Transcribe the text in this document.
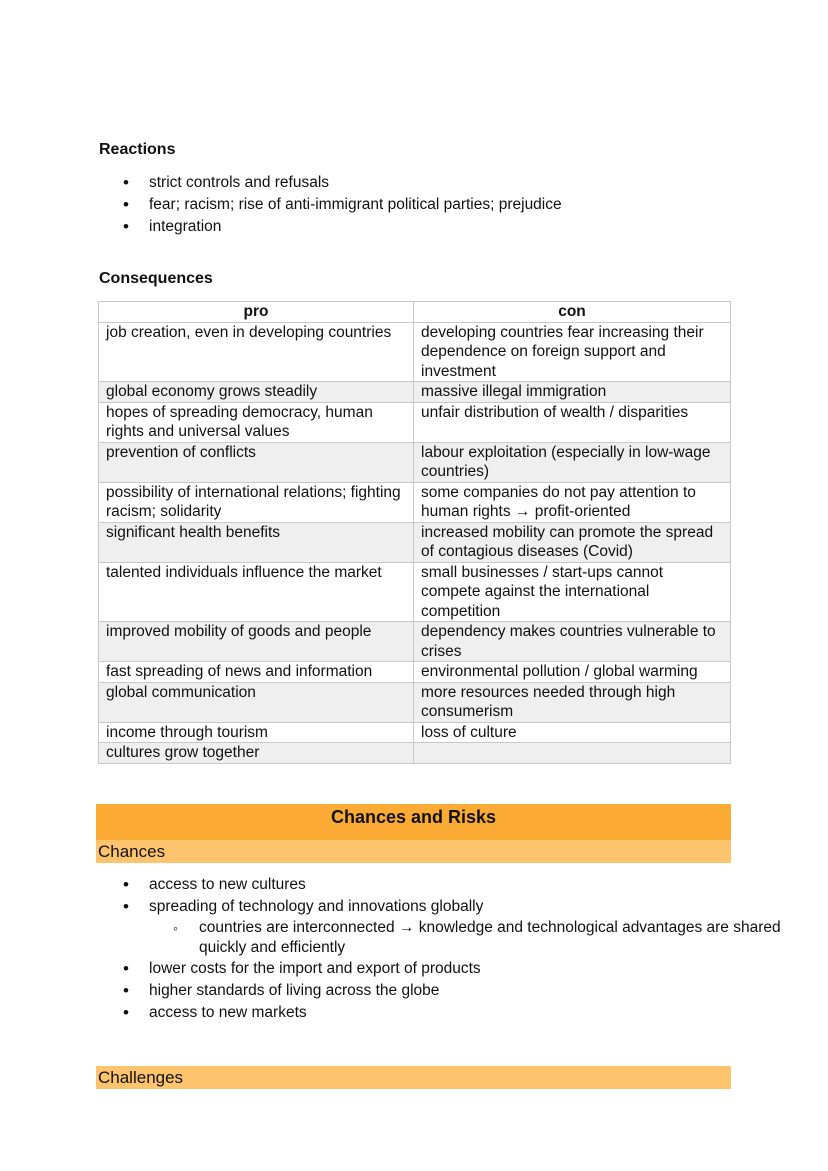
Reactions
• strict controls and refusals
• fear; racism; rise of anti-immigrant political parties; prejudice
• integration
Consequences
pro	con
job creation, even in developing countries	developing countries fear increasing their dependence on foreign support and investment
global economy grows steadily	massive illegal immigration
hopes of spreading democracy, human rights and universal values	unfair distribution of wealth / disparities
prevention of conflicts	labour exploitation (especially in low-wage countries)
possibility of international relations; fighting racism; solidarity	some companies do not pay attention to human rights → profit-oriented
significant health benefits	increased mobility can promote the spread of contagious diseases (Covid)
talented individuals influence the market	small businesses / start-ups cannot compete against the international competition
improved mobility of goods and people	dependency makes countries vulnerable to crises
fast spreading of news and information	environmental pollution / global warming
global communication	more resources needed through high consumerism
income through tourism	loss of culture
cultures grow together	
Chances and Risks
Chances
• access to new cultures
• spreading of technology and innovations globally
◦ countries are interconnected → knowledge and technological advantages are shared quickly and efficiently
• lower costs for the import and export of products
• higher standards of living across the globe
• access to new markets
Challenges
